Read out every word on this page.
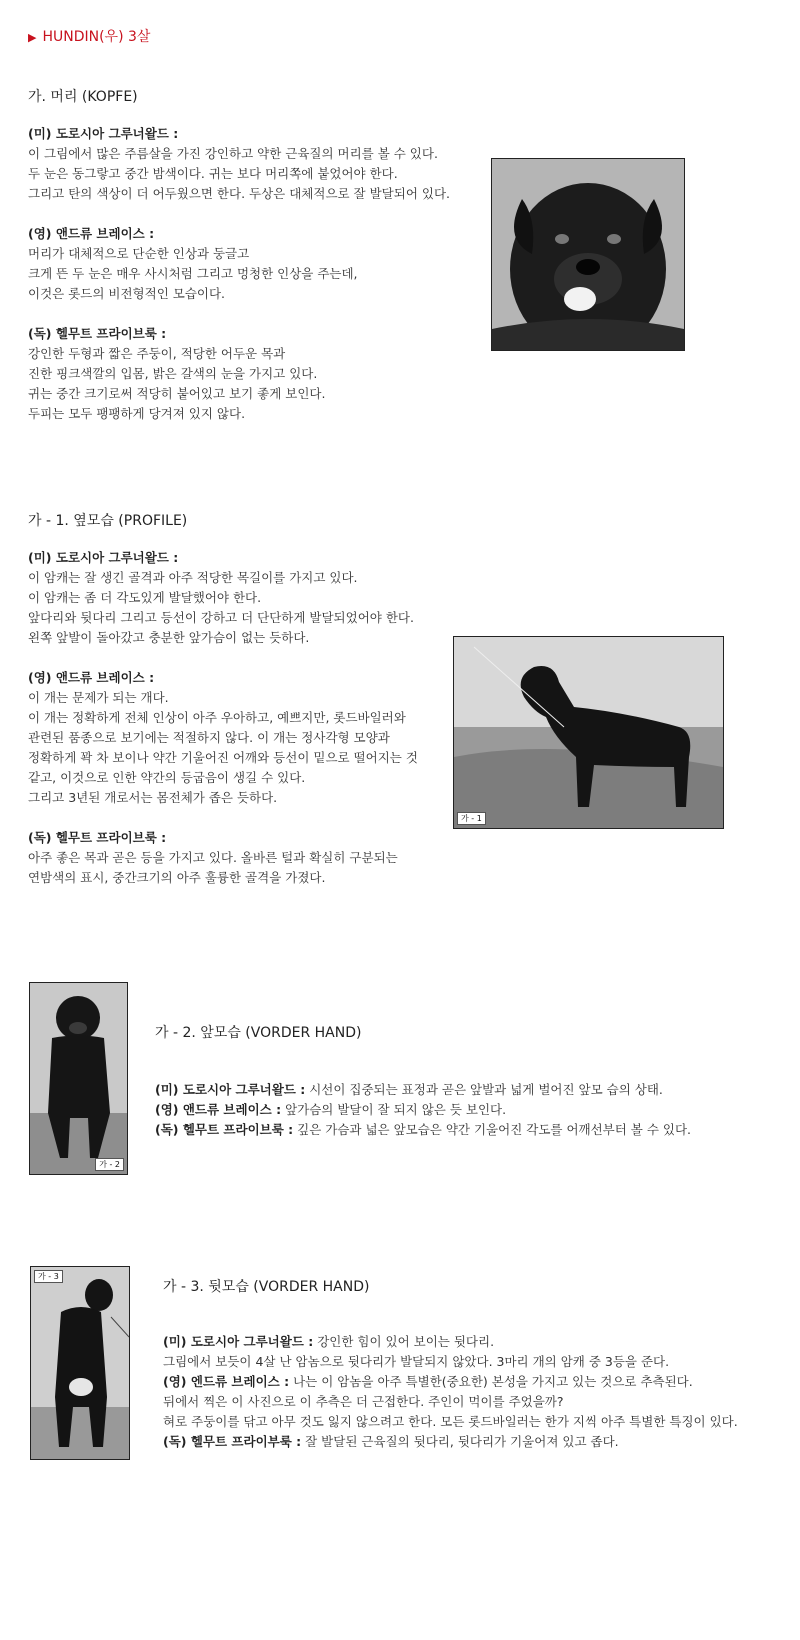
▶ HUNDIN(우) 3살
가. 머리 (KOPFE)
(미) 도로시아 그루너왈드 :
이 그림에서 많은 주름살을 가진 강인하고 약한 근육질의 머리를 볼 수 있다.
두 눈은 동그랗고 중간 밤색이다. 귀는 보다 머리쪽에 붙었어야 한다.
그리고 탄의 색상이 더 어두웠으면 한다. 두상은 대체적으로 잘 발달되어 있다.

(영) 앤드류 브레이스 :
머리가 대체적으로 단순한 인상과 둥글고
크게 뜬 두 눈은 매우 사시처럼 그리고 멍청한 인상을 주는데,
이것은 롯드의 비전형적인 모습이다.

(독) 헬무트 프라이브룩 :
강인한 두형과 짧은 주둥이, 적당한 어두운 목과
진한 핑크색깔의 입몸, 밝은 갈색의 눈을 가지고 있다.
귀는 중간 크기로써 적당히 붙어있고 보기 좋게 보인다.
두피는 모두 팽팽하게 당겨져 있지 않다.
가 - 1. 옆모습 (PROFILE)
(미) 도로시아 그루너왈드 :
이 암캐는 잘 생긴 골격과 아주 적당한 목길이를 가지고 있다.
이 암캐는 좀 더 각도있게 발달했어야 한다.
앞다리와 뒷다리 그리고 등선이 강하고 더 단단하게 발달되었어야 한다.
왼쪽 앞발이 돌아갔고 충분한 앞가슴이 없는 듯하다.

(영) 앤드류 브레이스 :
이 개는 문제가 되는 개다.
이 개는 정확하게 전체 인상이 아주 우아하고, 예쁘지만, 롯드바일러와
관련된 품종으로 보기에는 적절하지 않다. 이 개는 정사각형 모양과
정확하게 꽉 차 보이나 약간 기울어진 어깨와 등선이 밑으로 떨어지는 것
같고, 이것으로 인한 약간의 등굽음이 생길 수 있다.
그리고 3년된 개로서는 몸전체가 좁은 듯하다.

(독) 헬무트 프라이브룩 :
아주 좋은 목과 곧은 등을 가지고 있다. 올바른 털과 확실히 구분되는
연밤색의 표시, 중간크기의 아주 훌륭한 골격을 가졌다.
가 - 1
가 - 2
가 - 2. 앞모습 (VORDER HAND)
(미) 도로시아 그루너왈드 : 시선이 집중되는 표정과 곧은 앞발과 넓게 벌어진 앞모 습의 상태.
(영) 앤드류 브레이스 : 앞가슴의 발달이 잘 되지 않은 듯 보인다.
(독) 헬무트 프라이브룩 : 깊은 가슴과 넓은 앞모습은 약간 기울어진 각도를 어깨선부터 볼 수 있다.
가 - 3
가 - 3. 뒷모습 (VORDER HAND)
(미) 도로시아 그루너왈드 : 강인한 힘이 있어 보이는 뒷다리.
그림에서 보듯이 4살 난 암놈으로 뒷다리가 발달되지 않았다. 3마리 개의 암캐 중 3등을 준다.
(영) 엔드류 브레이스 : 나는 이 암놈을 아주 특별한(중요한) 본성을 가지고 있는 것으로 추측된다.
뒤에서 찍은 이 사진으로 이 추측은 더 근접한다. 주인이 먹이를 주었을까?
혀로 주둥이를 닦고 아무 것도 잃지 않으려고 한다. 모든 롯드바일러는 한가 지씩 아주 특별한 특징이 있다.
(독) 헬무트 프라이부룩 : 잘 발달된 근육질의 뒷다리, 뒷다리가 기울어져 있고 좁다.
